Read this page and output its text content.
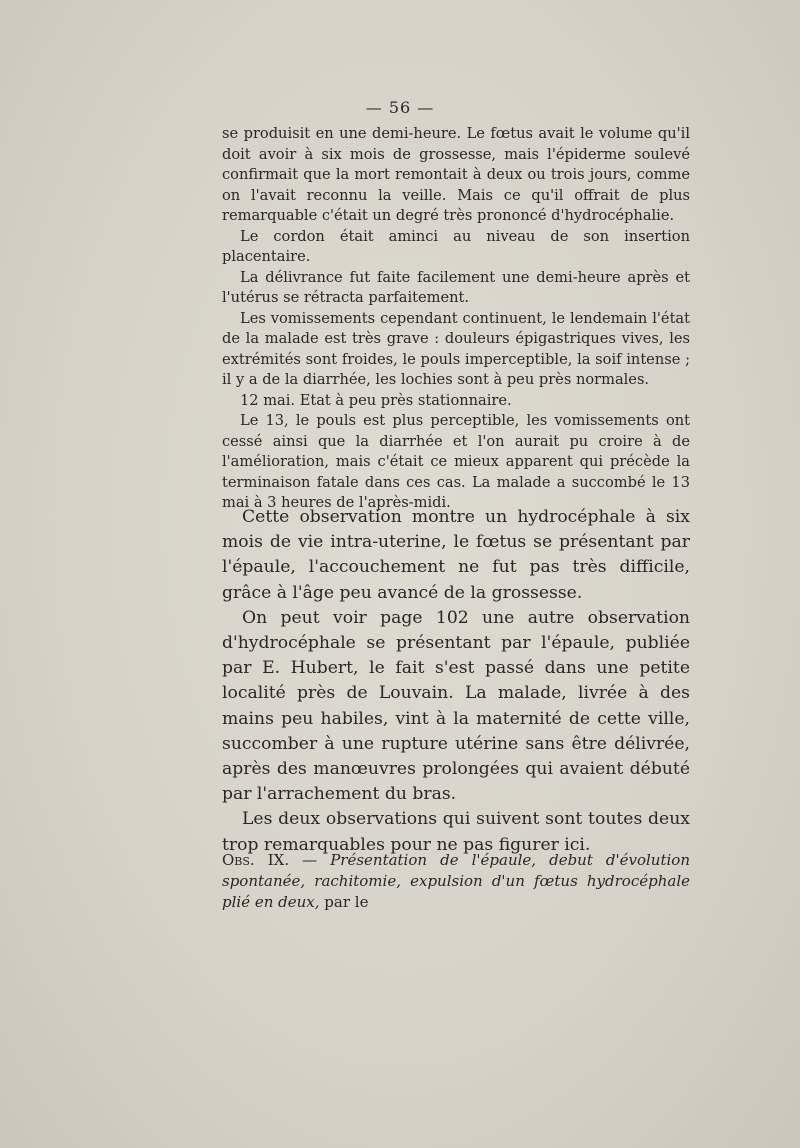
— 56 —

se produisit en une demi-heure. Le fœtus avait le volume qu'il doit avoir à six mois de grossesse, mais l'épiderme soulevé confirmait que la mort remontait à deux ou trois jours, comme on l'avait reconnu la veille. Mais ce qu'il offrait de plus remarquable c'était un degré très prononcé d'hydrocéphalie.

Le cordon était aminci au niveau de son insertion placentaire.

La délivrance fut faite facilement une demi-heure après et l'utérus se rétracta parfaitement.

Les vomissements cependant continuent, le lendemain l'état de la malade est très grave : douleurs épigastriques vives, les extrémités sont froides, le pouls imperceptible, la soif intense ; il y a de la diarrhée, les lochies sont à peu près normales.

12 mai. Etat à peu près stationnaire.

Le 13, le pouls est plus perceptible, les vomissements ont cessé ainsi que la diarrhée et l'on aurait pu croire à de l'amélioration, mais c'était ce mieux apparent qui précède la terminaison fatale dans ces cas. La malade a succombé le 13 mai à 3 heures de l'après-midi.

Cette observation montre un hydrocéphale à six mois de vie intra-uterine, le fœtus se présentant par l'épaule, l'accouchement ne fut pas très difficile, grâce à l'âge peu avancé de la grossesse.

On peut voir page 102 une autre observation d'hydrocéphale se présentant par l'épaule, publiée par E. Hubert, le fait s'est passé dans une petite localité près de Louvain. La malade, livrée à des mains peu habiles, vint à la maternité de cette ville, succomber à une rupture utérine sans être délivrée, après des manœuvres prolongées qui avaient débuté par l'arrachement du bras.

Les deux observations qui suivent sont toutes deux trop remarquables pour ne pas figurer ici.

Obs. IX. — Présentation de l'épaule, debut d'évolution spontanée, rachitomie, expulsion d'un fœtus hydrocéphale plié en deux, par le
